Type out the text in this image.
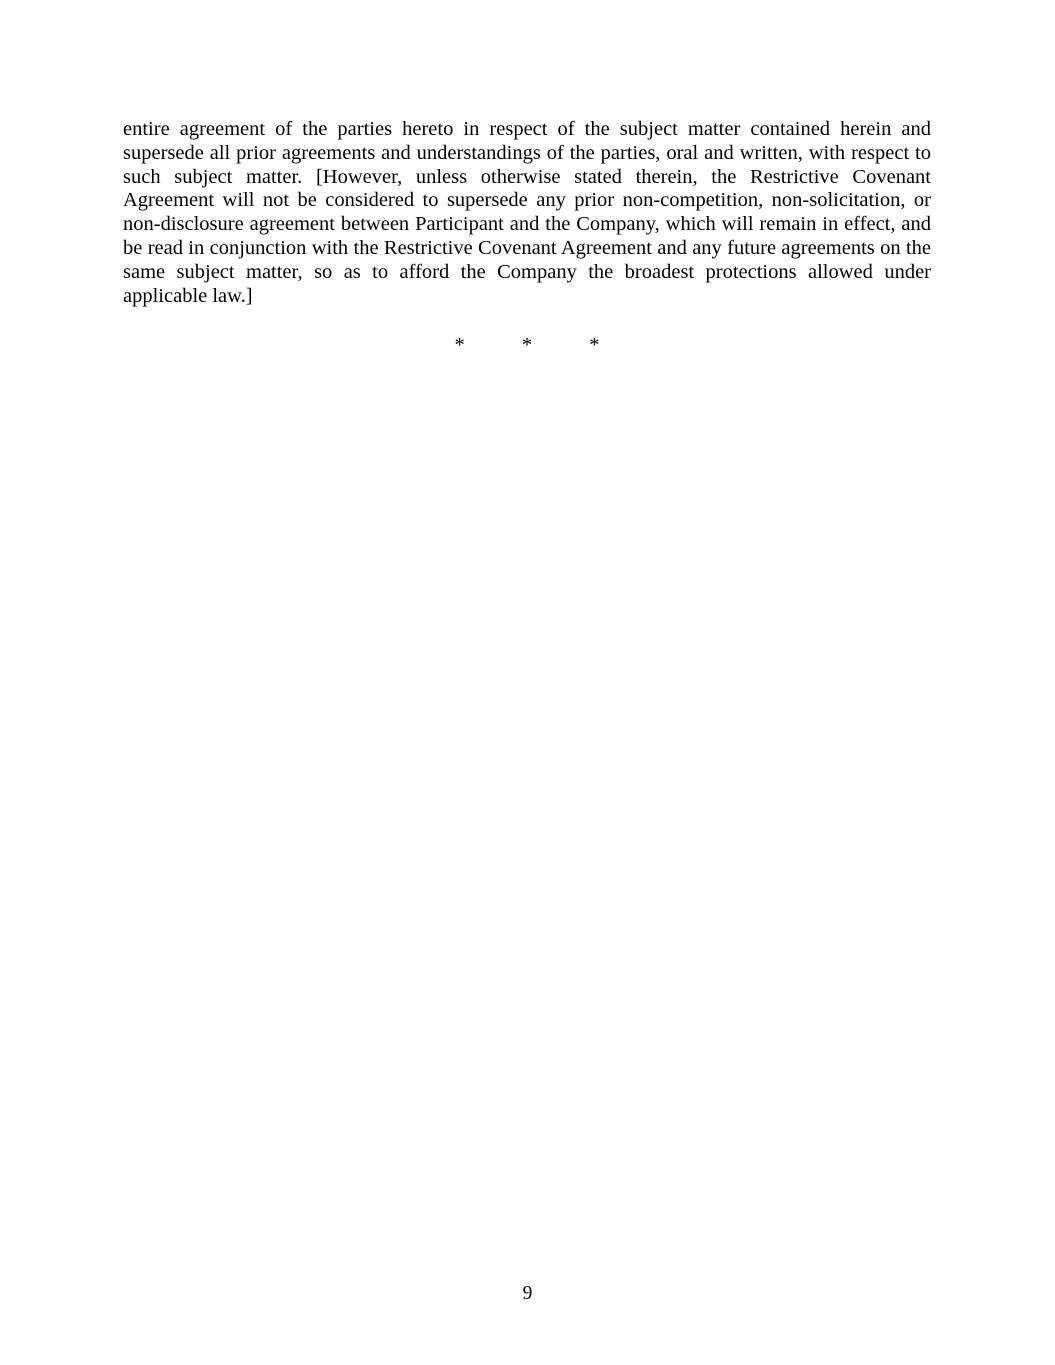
entire agreement of the parties hereto in respect of the subject matter contained herein and supersede all prior agreements and understandings of the parties, oral and written, with respect to such subject matter. [However, unless otherwise stated therein, the Restrictive Covenant Agreement will not be considered to supersede any prior non-competition, non-solicitation, or non-disclosure agreement between Participant and the Company, which will remain in effect, and be read in conjunction with the Restrictive Covenant Agreement and any future agreements on the same subject matter, so as to afford the Company the broadest protections allowed under applicable law.]

* * *
9
